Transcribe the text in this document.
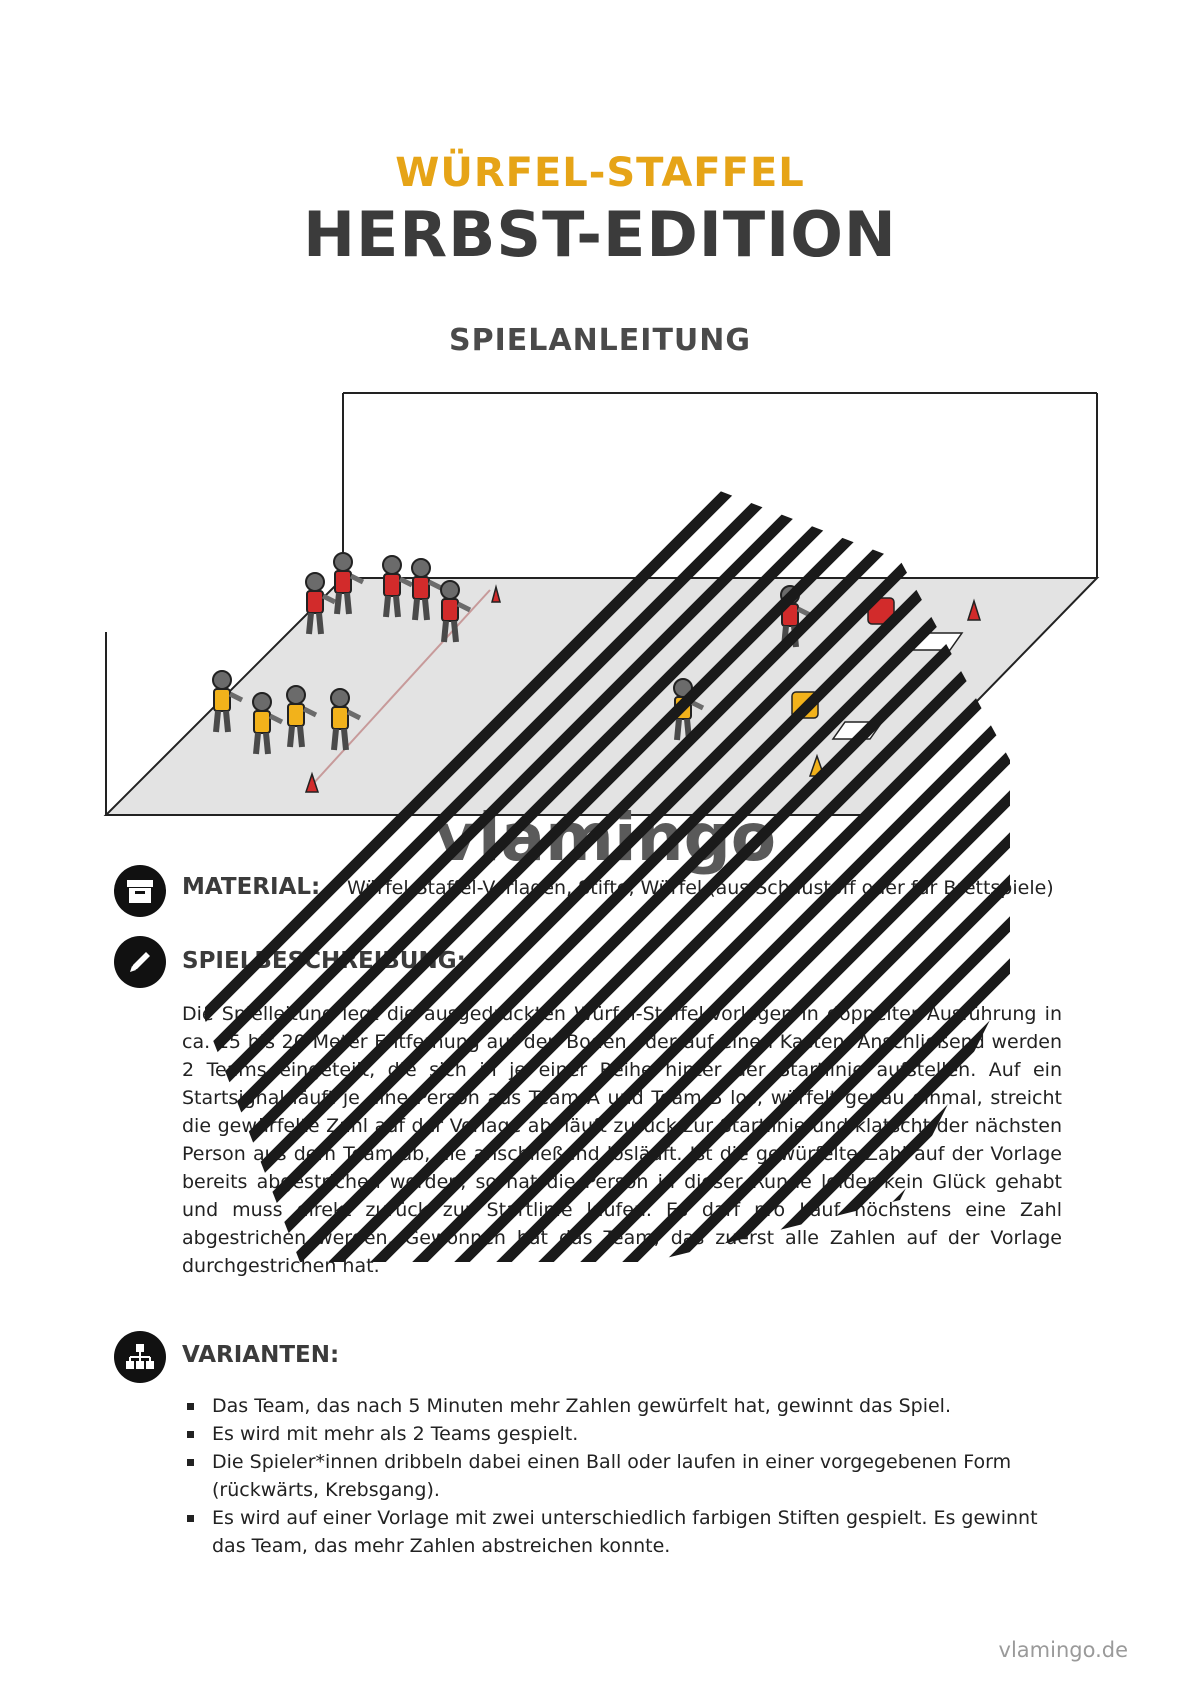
WÜRFEL-STAFFEL
HERBST-EDITION
SPIELANLEITUNG
vlamingo
MATERIAL: Würfel-Staffel-Vorlagen, Stifte, Würfel (aus Schaustoff oder für Brettspiele)
SPIELBESCHREIBUNG:
Die Spielleitung legt die ausgedruckten Würfel-Staffel-Vorlagen in doppelter Ausführung in ca. 15 bis 20 Meter Entfernung auf den Boden oder auf einen Kasten. Anschließend werden 2 Teams eingeteilt, die sich in je einer Reihe hinter der Startlinie aufstellen. Auf ein Startsignal läuft je eine Person aus Team A und Team B los, würfelt genau einmal, streicht die gewürfelte Zahl auf der Vorlage ab, läuft zurück zur Startlinie und klatscht der nächsten Person aus dem Team ab, die anschließend losläuft. Ist die gewürfelte Zahl auf der Vorlage bereits abgestrichen worden, so hat die Person in dieser Runde leider kein Glück gehabt und muss direkt zurück zur Startlinie laufen. Es darf pro Lauf höchstens eine Zahl abgestrichen werden. Gewonnen hat das Team, das zuerst alle Zahlen auf der Vorlage durchgestrichen hat.
VARIANTEN:
Das Team, das nach 5 Minuten mehr Zahlen gewürfelt hat, gewinnt das Spiel.
Es wird mit mehr als 2 Teams gespielt.
Die Spieler*innen dribbeln dabei einen Ball oder laufen in einer vorgegebenen Form (rückwärts, Krebsgang).
Es wird auf einer Vorlage mit zwei unterschiedlich farbigen Stiften gespielt. Es gewinnt das Team, das mehr Zahlen abstreichen konnte.
vlamingo.de
